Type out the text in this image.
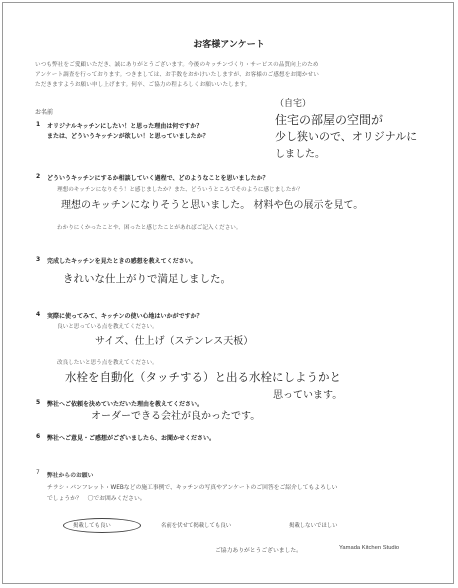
お客様アンケート
いつも弊社をご愛顧いただき、誠にありがとうございます。今後のキッチンづくり・サービスの品質向上のため
アンケート調査を行っております。つきましては、お手数をおかけいたしますが、お客様のご感想をお聞かせい
ただきますようお願い申し上げます。何卒、ご協力の程よろしくお願いいたします。
お名前
1 オリジナルキッチンにしたい！と思った理由は何ですか？
または、どういうキッチンが欲しい！と思っていましたか？
（自宅）
住宅の部屋の空間が
少し狭いので、オリジナルに
しました。
2 どういうキッチンにするか相談していく過程で、どのようなことを思いましたか？
理想のキッチンになりそう！と感じましたか？また、どういうところでそのように感じましたか？
理想のキッチンになりそうと思いました。 材料や色の展示を見て。
わかりにくかったことや、困ったと感じたことがあればご記入ください。
3 完成したキッチンを見たときの感想を教えてください。
きれいな仕上がりで満足しました。
4 実際に使ってみて、キッチンの使い心地はいかがですか？
良いと思っている点を教えてください。
サイズ、仕上げ（ステンレス天板）
改良したいと思う点を教えてください。
水栓を自動化（タッチする）と出る水栓にしようかと
思っています。
5 弊社へご依頼を決めていただいた理由を教えてください。
オーダーできる会社が良かったです。
6 弊社へご意見・ご感想がございましたら、お聞かせください。
7 弊社からのお願い
チラシ・パンフレット・WEBなどの施工事例で、キッチンの写真やアンケートのご回答をご紹介してもよろしい
でしょうか？　〇でお囲みください。
掲載しても良い	名前を伏せて掲載しても良い	掲載しないでほしい
ご協力ありがとうございました。	Yamada Kitchen Studio
